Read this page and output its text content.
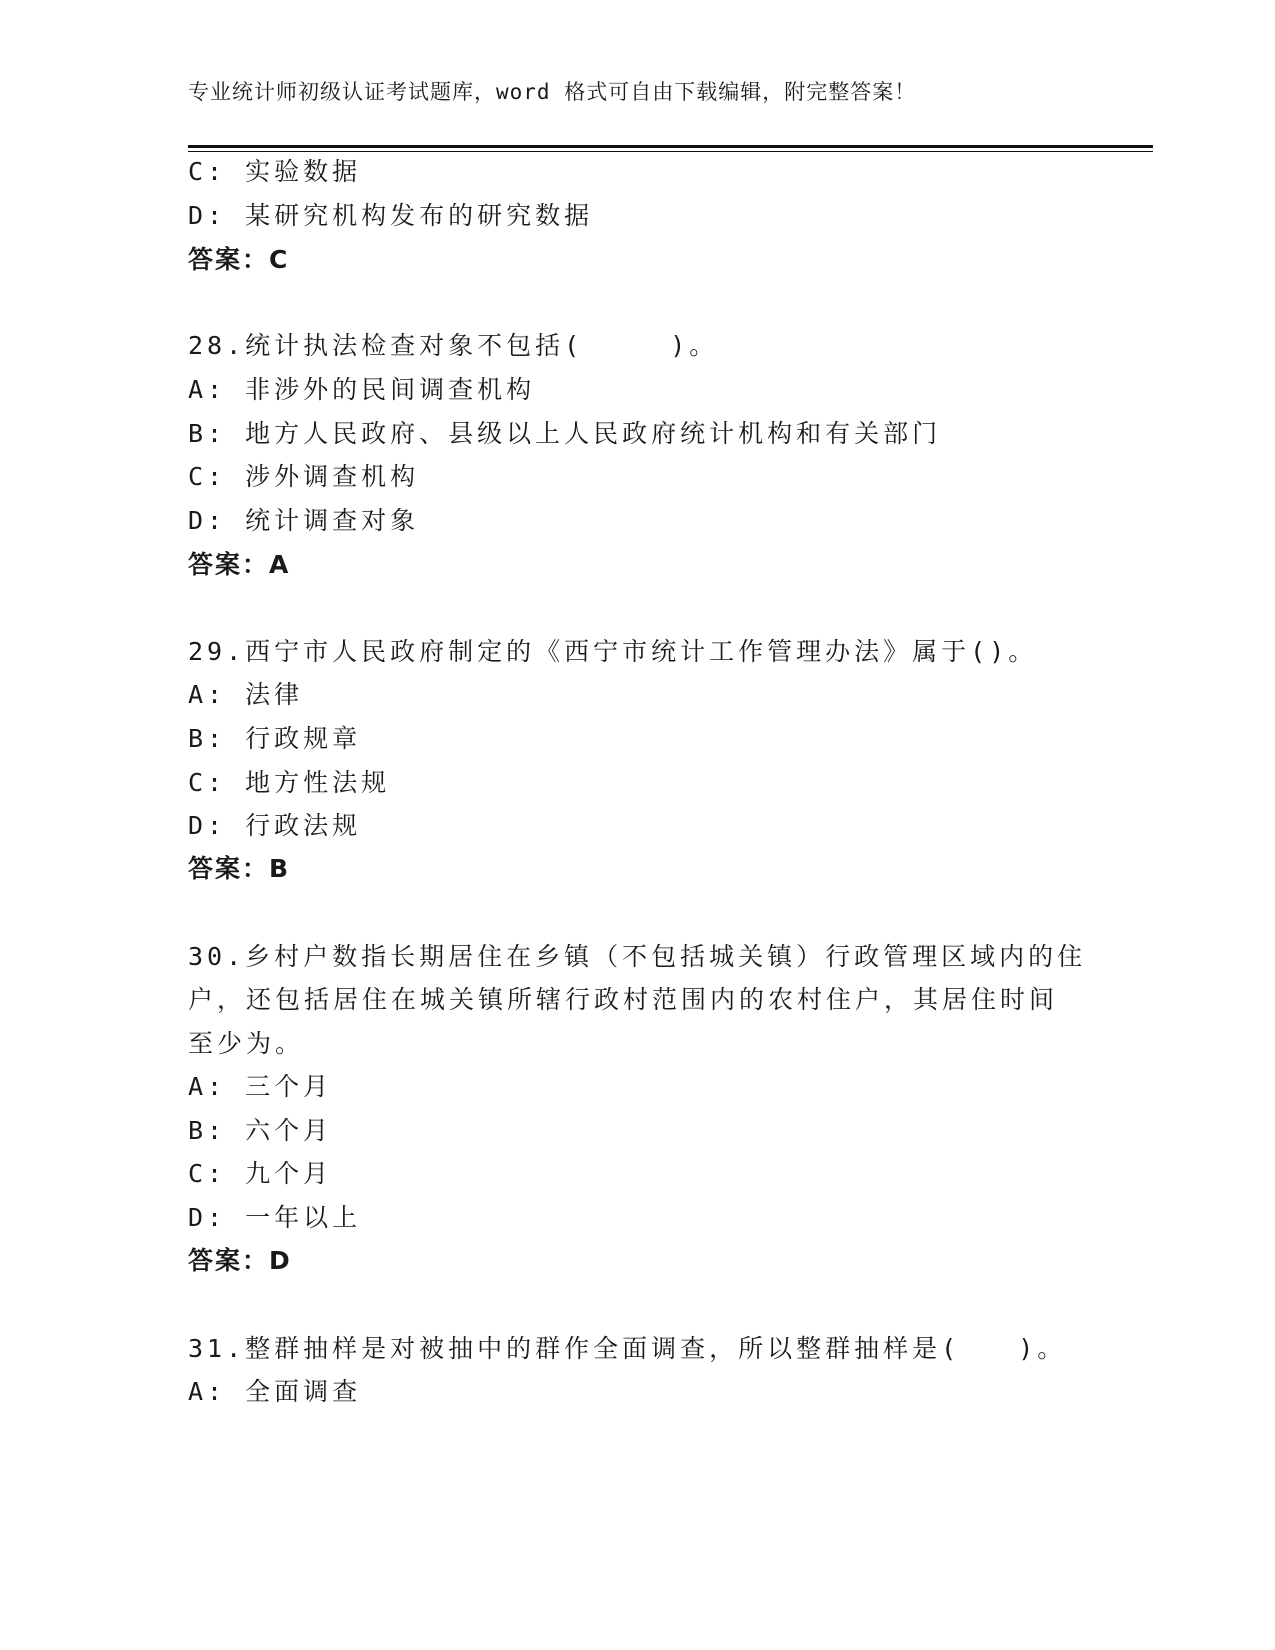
专业统计师初级认证考试题库，word 格式可自由下载编辑，附完整答案！
C: 实验数据
D: 某研究机构发布的研究数据
答案：C
28.统计执法检查对象不包括(　　　)。
A: 非涉外的民间调查机构
B: 地方人民政府、县级以上人民政府统计机构和有关部门
C: 涉外调查机构
D: 统计调查对象
答案：A
29.西宁市人民政府制定的《西宁市统计工作管理办法》属于()。
A: 法律
B: 行政规章
C: 地方性法规
D: 行政法规
答案：B
30.乡村户数指长期居住在乡镇（不包括城关镇）行政管理区域内的住
户，还包括居住在城关镇所辖行政村范围内的农村住户，其居住时间
至少为。
A: 三个月
B: 六个月
C: 九个月
D: 一年以上
答案：D
31.整群抽样是对被抽中的群作全面调查，所以整群抽样是(　　)。
A: 全面调查
